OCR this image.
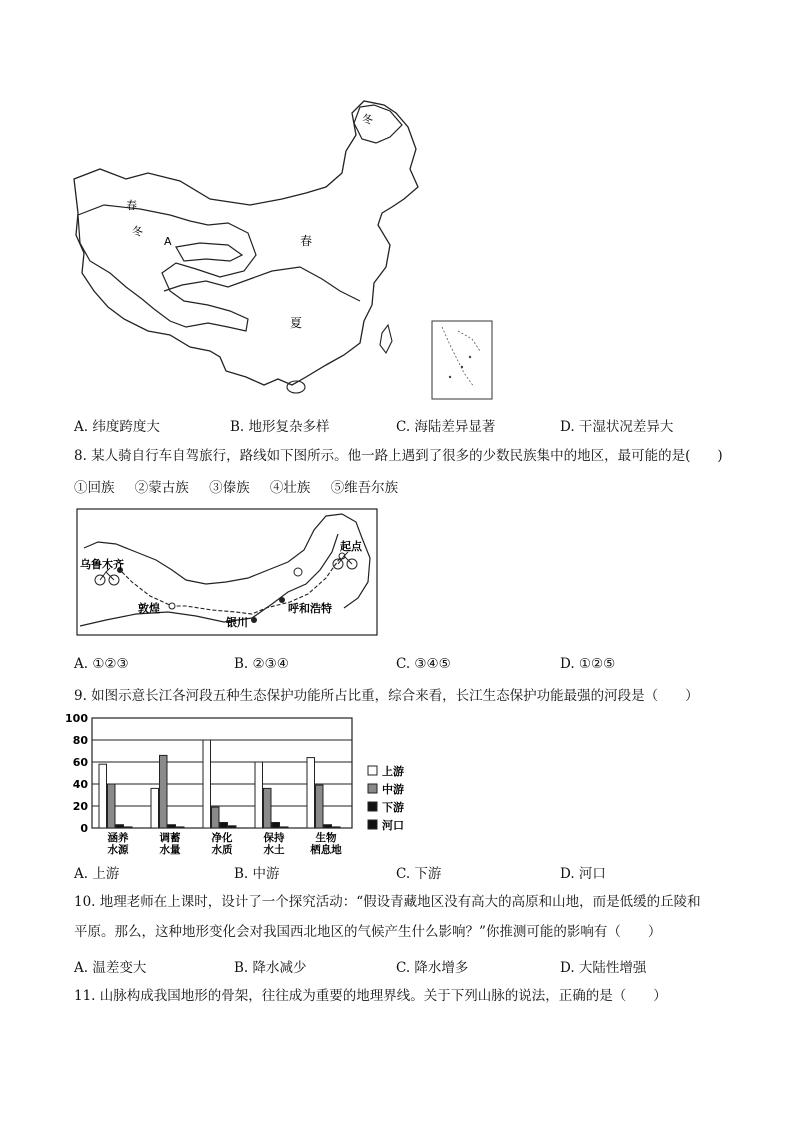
冬
春
冬
A	春
夏
A. 纬度跨度大	B. 地形复杂多样	C. 海陆差异显著	D. 干湿状况差异大
8. 某人骑自行车自驾旅行，路线如下图所示。他一路上遇到了很多的少数民族集中的地区，最可能的是(　　)
①回族 ②蒙古族 ③傣族 ④壮族 ⑤维吾尔族
起点
乌鲁木齐
敦煌
银川
呼和浩特
A. ①②③	B. ②③④	C. ③④⑤	D. ①②⑤
9. 如图示意长江各河段五种生态保护功能所占比重，综合来看，长江生态保护功能最强的河段是（　　）
0
20
40
60
80
100
涵养
水源
调蓄
水量
净化
水质
保持
水土
生物
栖息地
上游
中游
下游
河口
A. 上游	B. 中游	C. 下游	D. 河口
10. 地理老师在上课时，设计了一个探究活动：“假设青藏地区没有高大的高原和山地，而是低缓的丘陵和
平原。那么，这种地形变化会对我国西北地区的气候产生什么影响？”你推测可能的影响有（　　）
A. 温差变大	B. 降水减少	C. 降水增多	D. 大陆性增强
11. 山脉构成我国地形的骨架，往往成为重要的地理界线。关于下列山脉的说法，正确的是（　　）
